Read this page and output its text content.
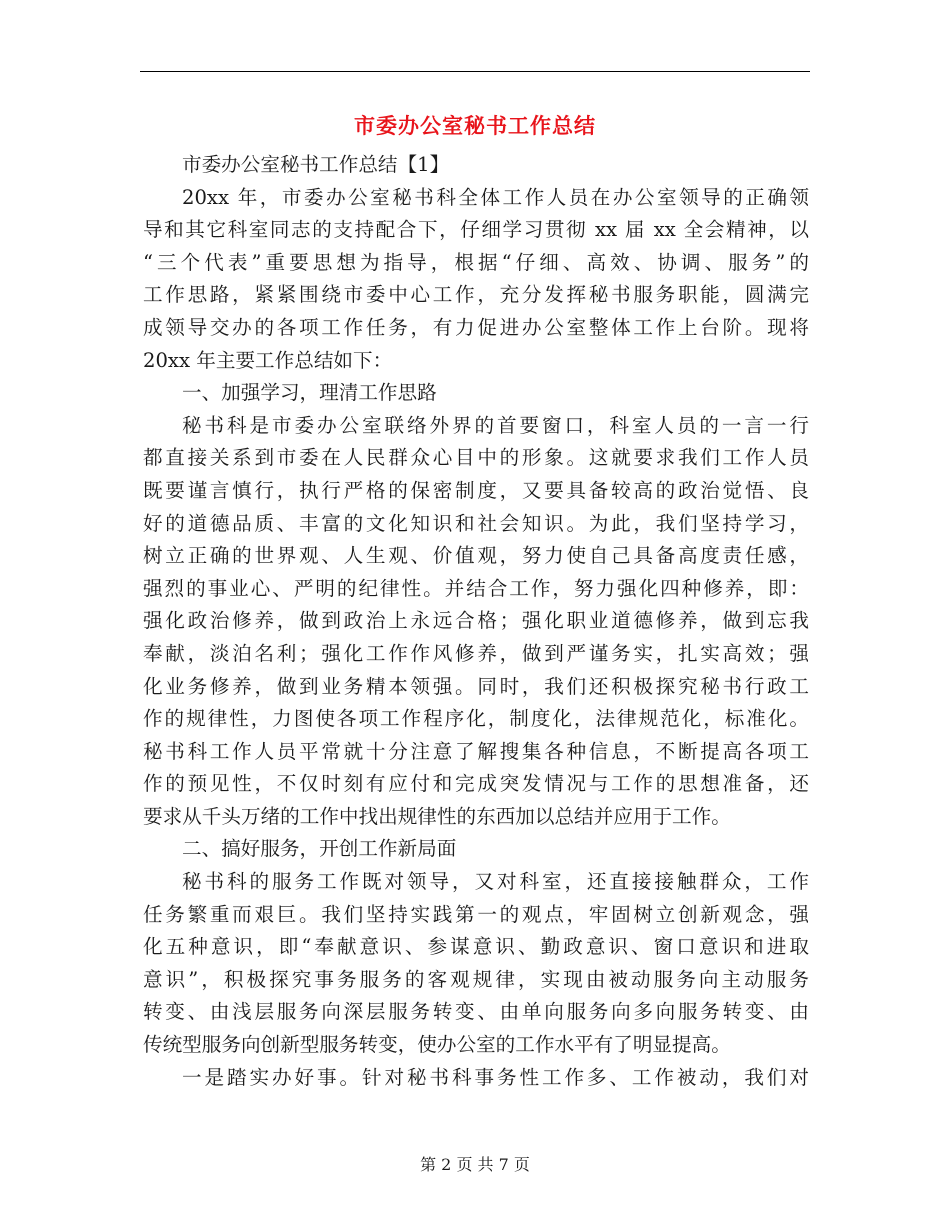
市委办公室秘书工作总结
市委办公室秘书工作总结【1】
20xx 年，市委办公室秘书科全体工作人员在办公室领导的正确领
导和其它科室同志的支持配合下，仔细学习贯彻 xx 届 xx 全会精神，以
“三个代表”重要思想为指导，根据“仔细、高效、协调、服务”的
工作思路，紧紧围绕市委中心工作，充分发挥秘书服务职能，圆满完
成领导交办的各项工作任务，有力促进办公室整体工作上台阶。现将
20xx 年主要工作总结如下：
一、加强学习，理清工作思路
秘书科是市委办公室联络外界的首要窗口，科室人员的一言一行
都直接关系到市委在人民群众心目中的形象。这就要求我们工作人员
既要谨言慎行，执行严格的保密制度，又要具备较高的政治觉悟、良
好的道德品质、丰富的文化知识和社会知识。为此，我们坚持学习，
树立正确的世界观、人生观、价值观，努力使自己具备高度责任感，
强烈的事业心、严明的纪律性。并结合工作，努力强化四种修养，即：
强化政治修养，做到政治上永远合格；强化职业道德修养，做到忘我
奉献，淡泊名利；强化工作作风修养，做到严谨务实，扎实高效；强
化业务修养，做到业务精本领强。同时，我们还积极探究秘书行政工
作的规律性，力图使各项工作程序化，制度化，法律规范化，标准化。
秘书科工作人员平常就十分注意了解搜集各种信息，不断提高各项工
作的预见性，不仅时刻有应付和完成突发情况与工作的思想准备，还
要求从千头万绪的工作中找出规律性的东西加以总结并应用于工作。
二、搞好服务，开创工作新局面
秘书科的服务工作既对领导，又对科室，还直接接触群众，工作
任务繁重而艰巨。我们坚持实践第一的观点，牢固树立创新观念，强
化五种意识，即“奉献意识、参谋意识、勤政意识、窗口意识和进取
意识”，积极探究事务服务的客观规律，实现由被动服务向主动服务
转变、由浅层服务向深层服务转变、由单向服务向多向服务转变、由
传统型服务向创新型服务转变，使办公室的工作水平有了明显提高。
一是踏实办好事。针对秘书科事务性工作多、工作被动，我们对
第 2 页 共 7 页
